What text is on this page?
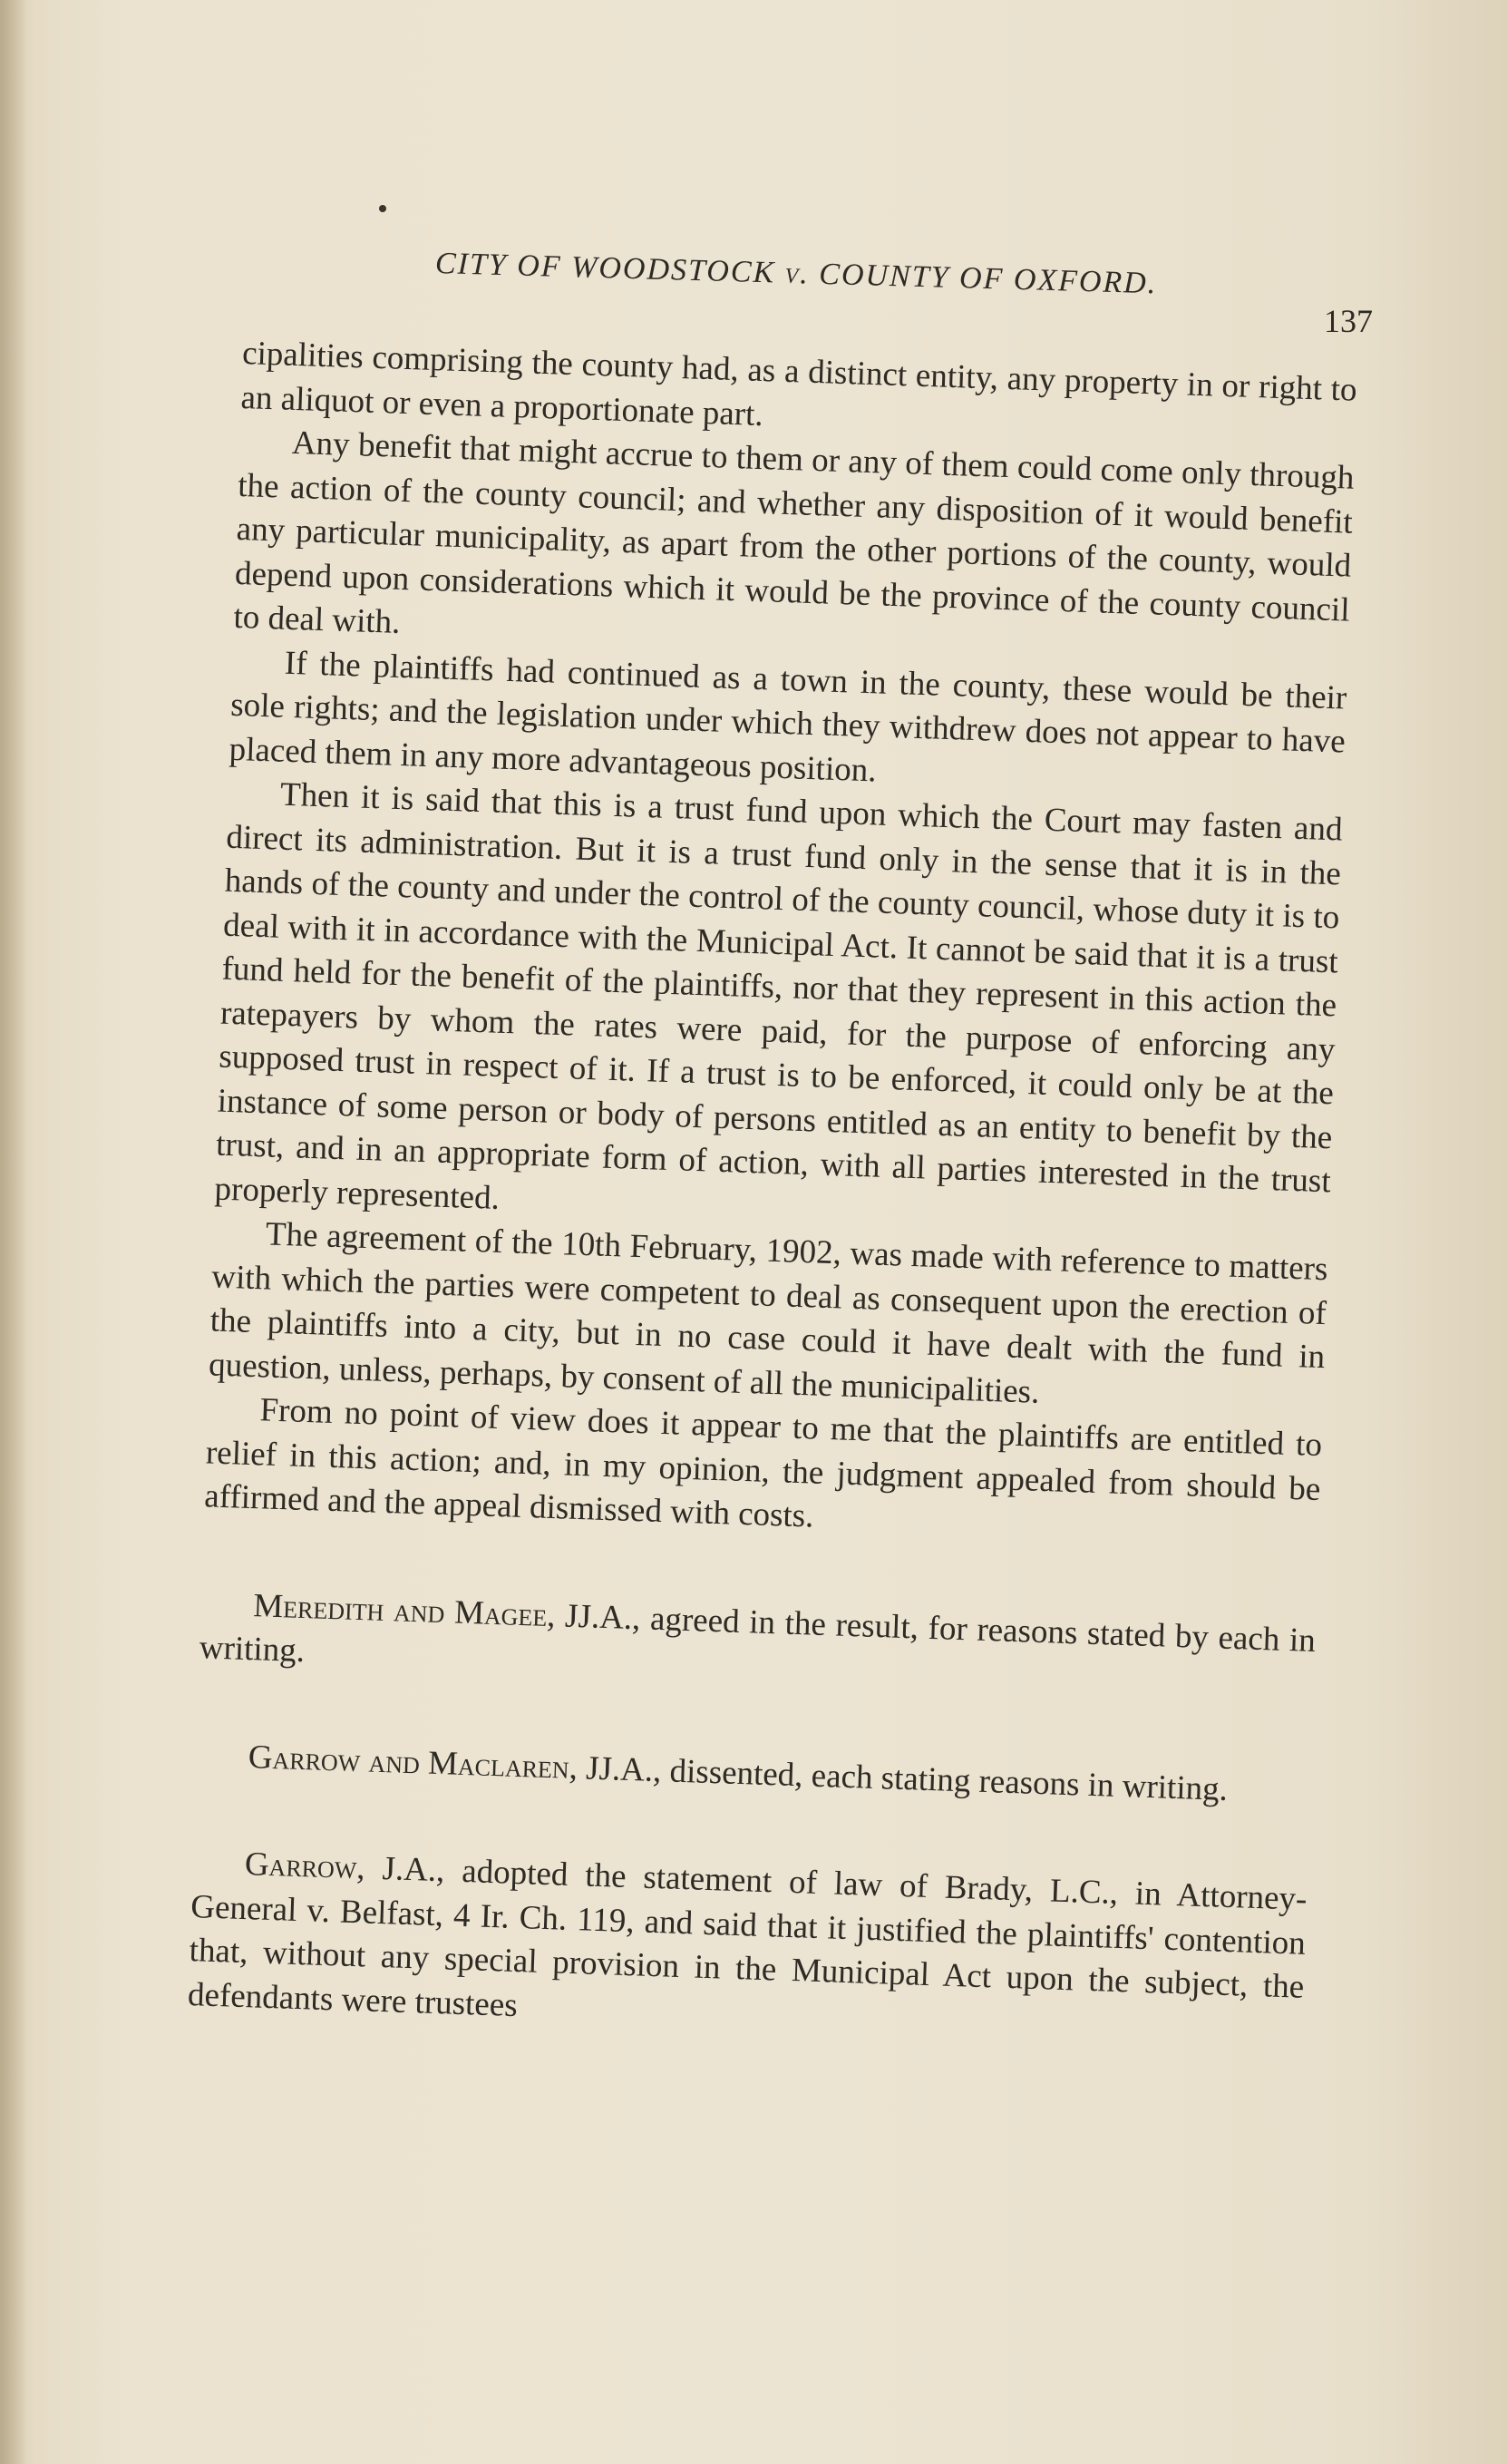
CITY OF WOODSTOCK v. COUNTY OF OXFORD.
137

cipalities comprising the county had, as a distinct entity, any property in or right to an aliquot or even a proportionate part.

Any benefit that might accrue to them or any of them could come only through the action of the county council; and whether any disposition of it would benefit any particular municipality, as apart from the other portions of the county, would depend upon considerations which it would be the province of the county council to deal with.

If the plaintiffs had continued as a town in the county, these would be their sole rights; and the legislation under which they withdrew does not appear to have placed them in any more advantageous position.

Then it is said that this is a trust fund upon which the Court may fasten and direct its administration. But it is a trust fund only in the sense that it is in the hands of the county and under the control of the county council, whose duty it is to deal with it in accordance with the Municipal Act. It cannot be said that it is a trust fund held for the benefit of the plaintiffs, nor that they represent in this action the ratepayers by whom the rates were paid, for the purpose of enforcing any supposed trust in respect of it. If a trust is to be enforced, it could only be at the instance of some person or body of persons entitled as an entity to benefit by the trust, and in an appropriate form of action, with all parties interested in the trust properly represented.

The agreement of the 10th February, 1902, was made with reference to matters with which the parties were competent to deal as consequent upon the erection of the plaintiffs into a city, but in no case could it have dealt with the fund in question, unless, perhaps, by consent of all the municipalities.

From no point of view does it appear to me that the plaintiffs are entitled to relief in this action; and, in my opinion, the judgment appealed from should be affirmed and the appeal dismissed with costs.

Meredith and Magee, JJ.A., agreed in the result, for reasons stated by each in writing.

Garrow and Maclaren, JJ.A., dissented, each stating reasons in writing.

Garrow, J.A., adopted the statement of law of Brady, L.C., in Attorney-General v. Belfast, 4 Ir. Ch. 119, and said that it justified the plaintiffs' contention that, without any special provision in the Municipal Act upon the subject, the defendants were trustees
